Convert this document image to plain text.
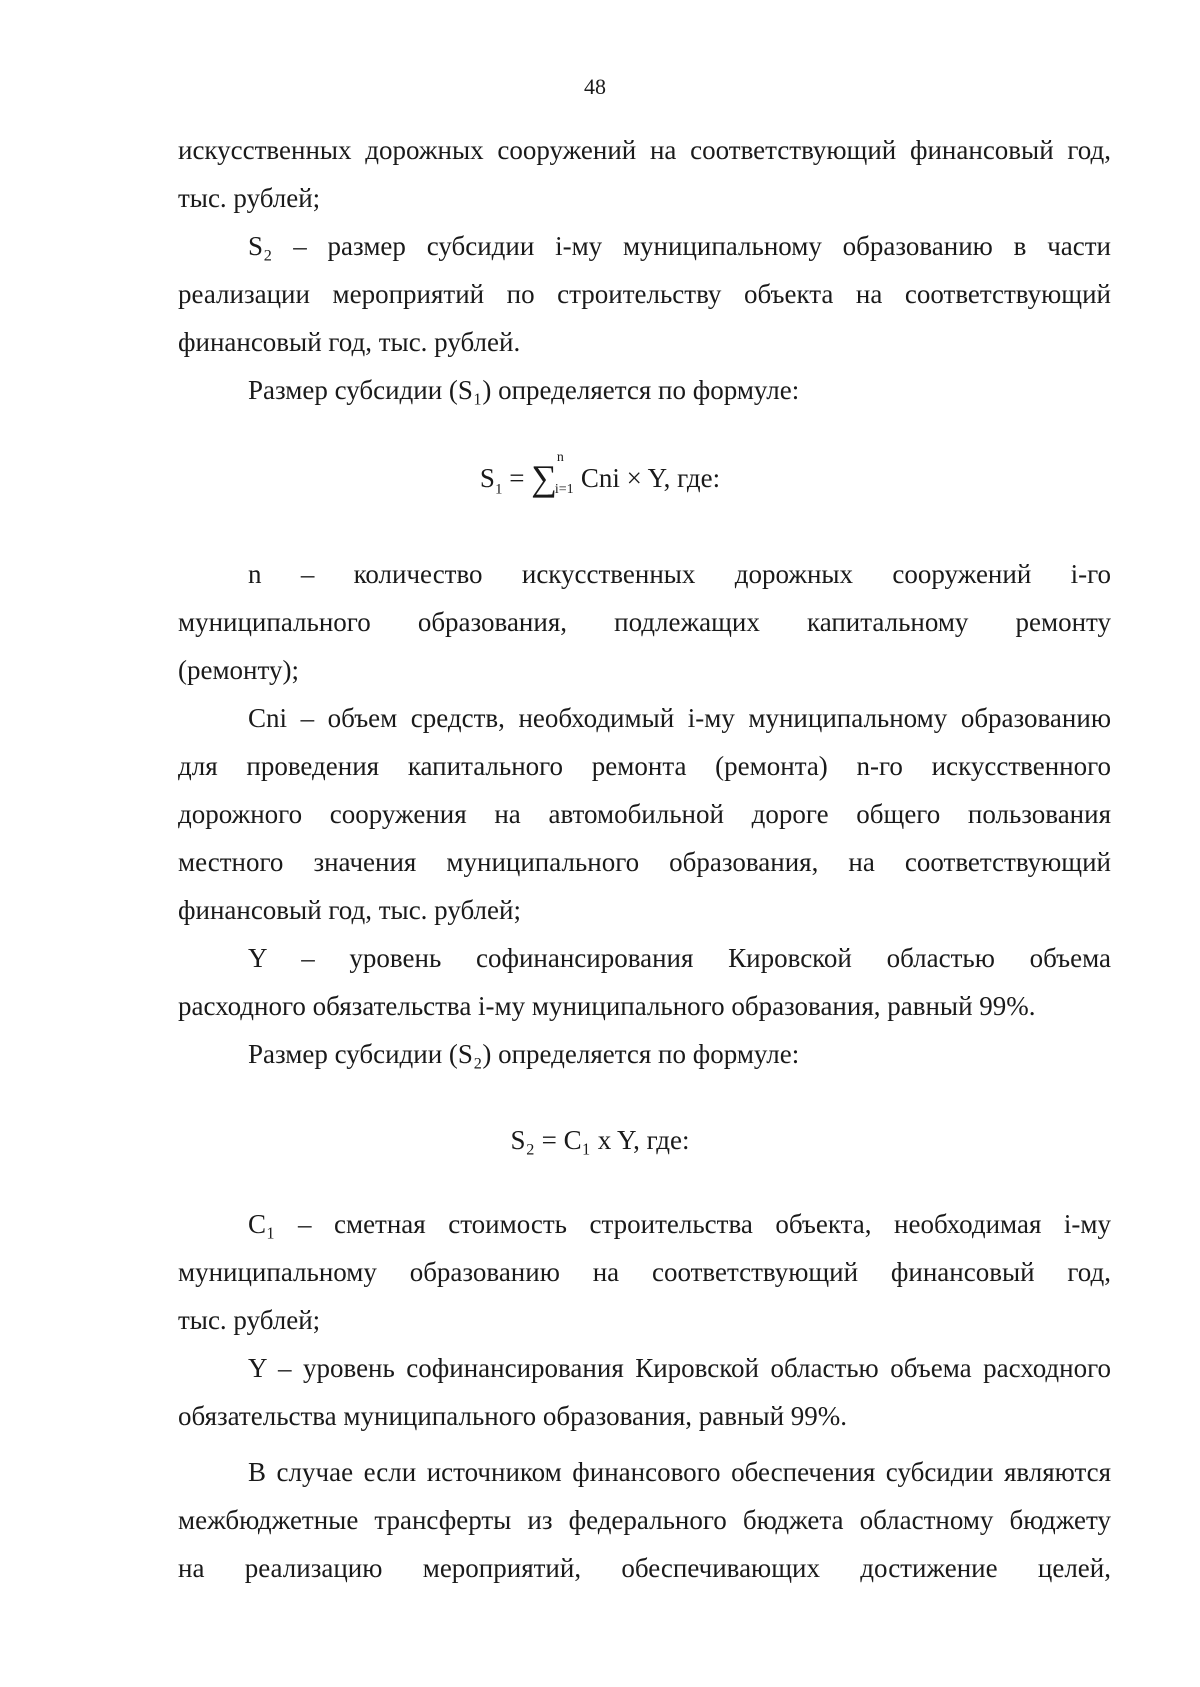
48

искусственных дорожных сооружений на соответствующий финансовый год,

тыс. рублей;

S₂ – размер субсидии i-му муниципальному образованию в части

реализации мероприятий по строительству объекта на соответствующий

финансовый год, тыс. рублей.

Размер субсидии (S₁) определяется по формуле:

$S_1$ = ∑
n
i=1 Cni × Y, где:

n – количество искусственных дорожных сооружений i-го

муниципального образования, подлежащих капитальному ремонту

(ремонту);

Cni – объем средств, необходимый i-му муниципальному образованию

для проведения капитального ремонта (ремонта) n-го искусственного

дорожного сооружения на автомобильной дороге общего пользования

местного значения муниципального образования, на соответствующий

финансовый год, тыс. рублей;

Y – уровень софинансирования Кировской областью объема

расходного обязательства i-му муниципального образования, равный 99%.

Размер субсидии (S₂) определяется по формуле:

S₂ = C₁ x Y, где:

C₁ – сметная стоимость строительства объекта, необходимая i-му

муниципальному образованию на соответствующий финансовый год,

тыс. рублей;

Y – уровень софинансирования Кировской областью объема расходного

обязательства муниципального образования, равный 99%.

В случае если источником финансового обеспечения субсидии являются

межбюджетные трансферты из федерального бюджета областному бюджету

на реализацию мероприятий, обеспечивающих достижение целей,
